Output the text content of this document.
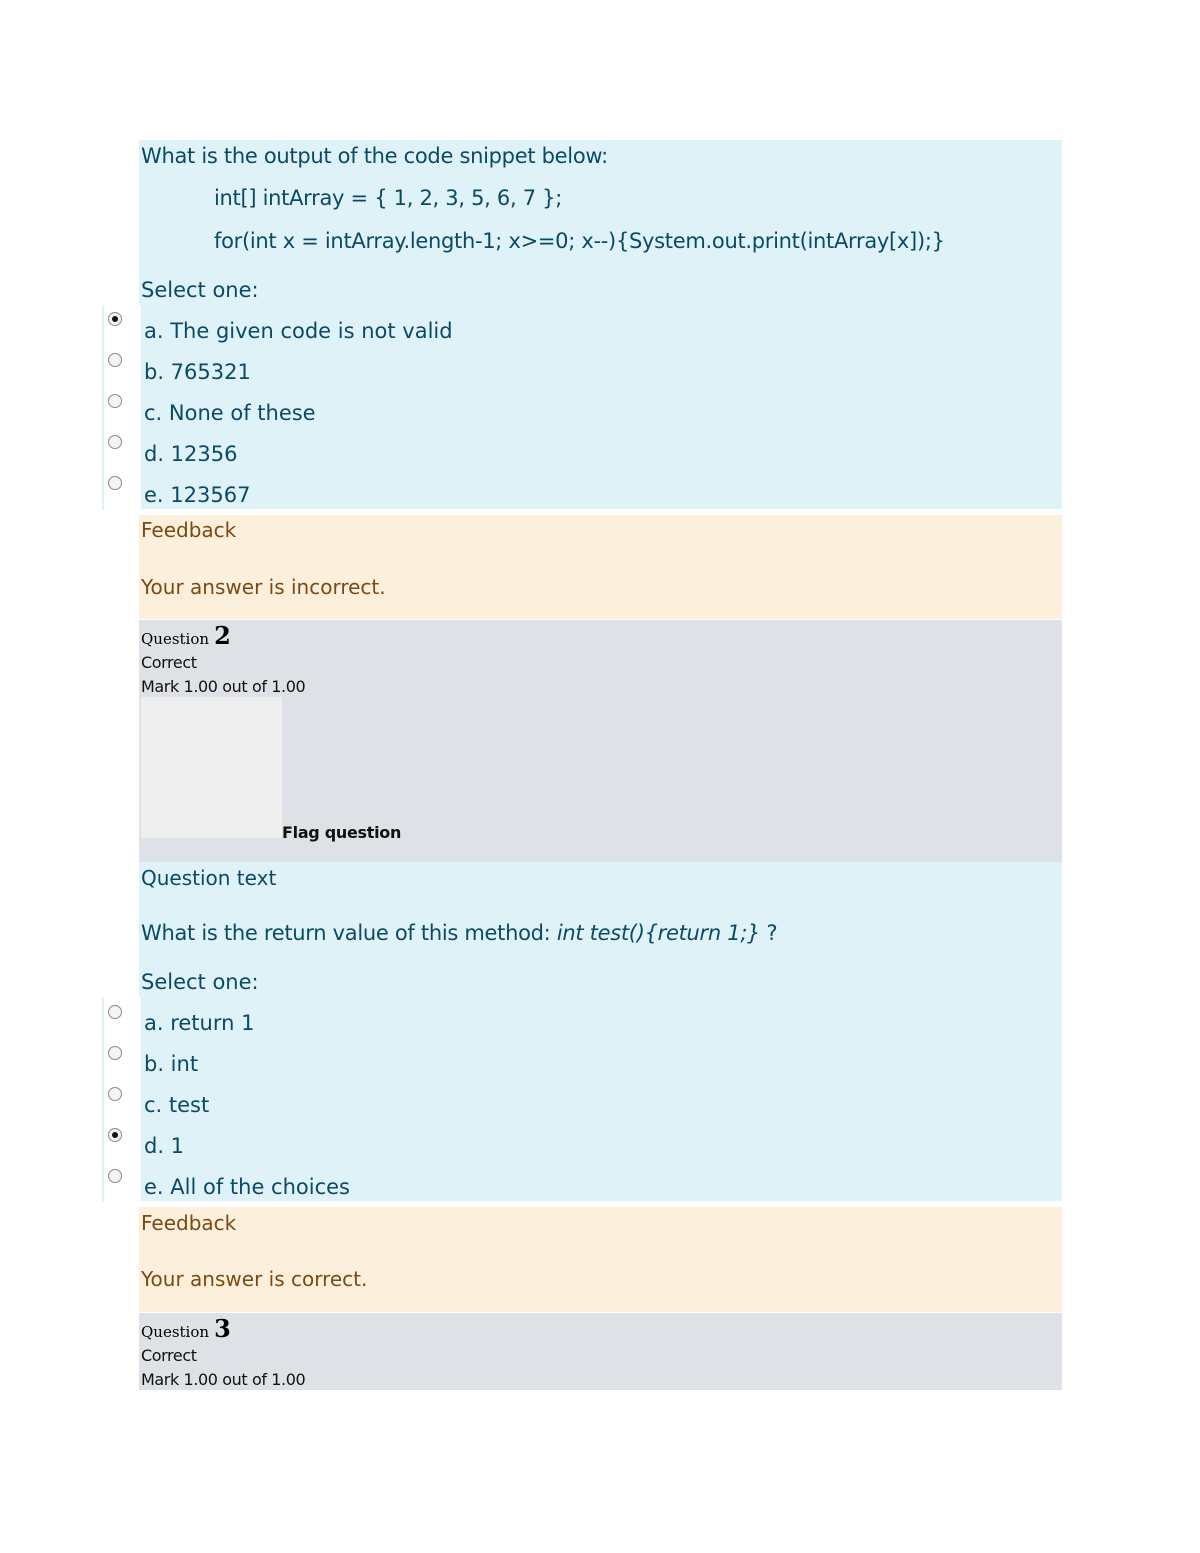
What is the output of the code snippet below:
int[] intArray = { 1, 2, 3, 5, 6, 7 };
for(int x = intArray.length-1; x>=0; x--){System.out.print(intArray[x]);}
Select one:
a. The given code is not valid
b. 765321
c. None of these
d. 12356
e. 123567
Feedback
Your answer is incorrect.
Question 2
Correct
Mark 1.00 out of 1.00
Flag question
Question text
What is the return value of this method: int test(){return 1;} ?
Select one:
a. return 1
b. int
c. test
d. 1
e. All of the choices
Feedback
Your answer is correct.
Question 3
Correct
Mark 1.00 out of 1.00
